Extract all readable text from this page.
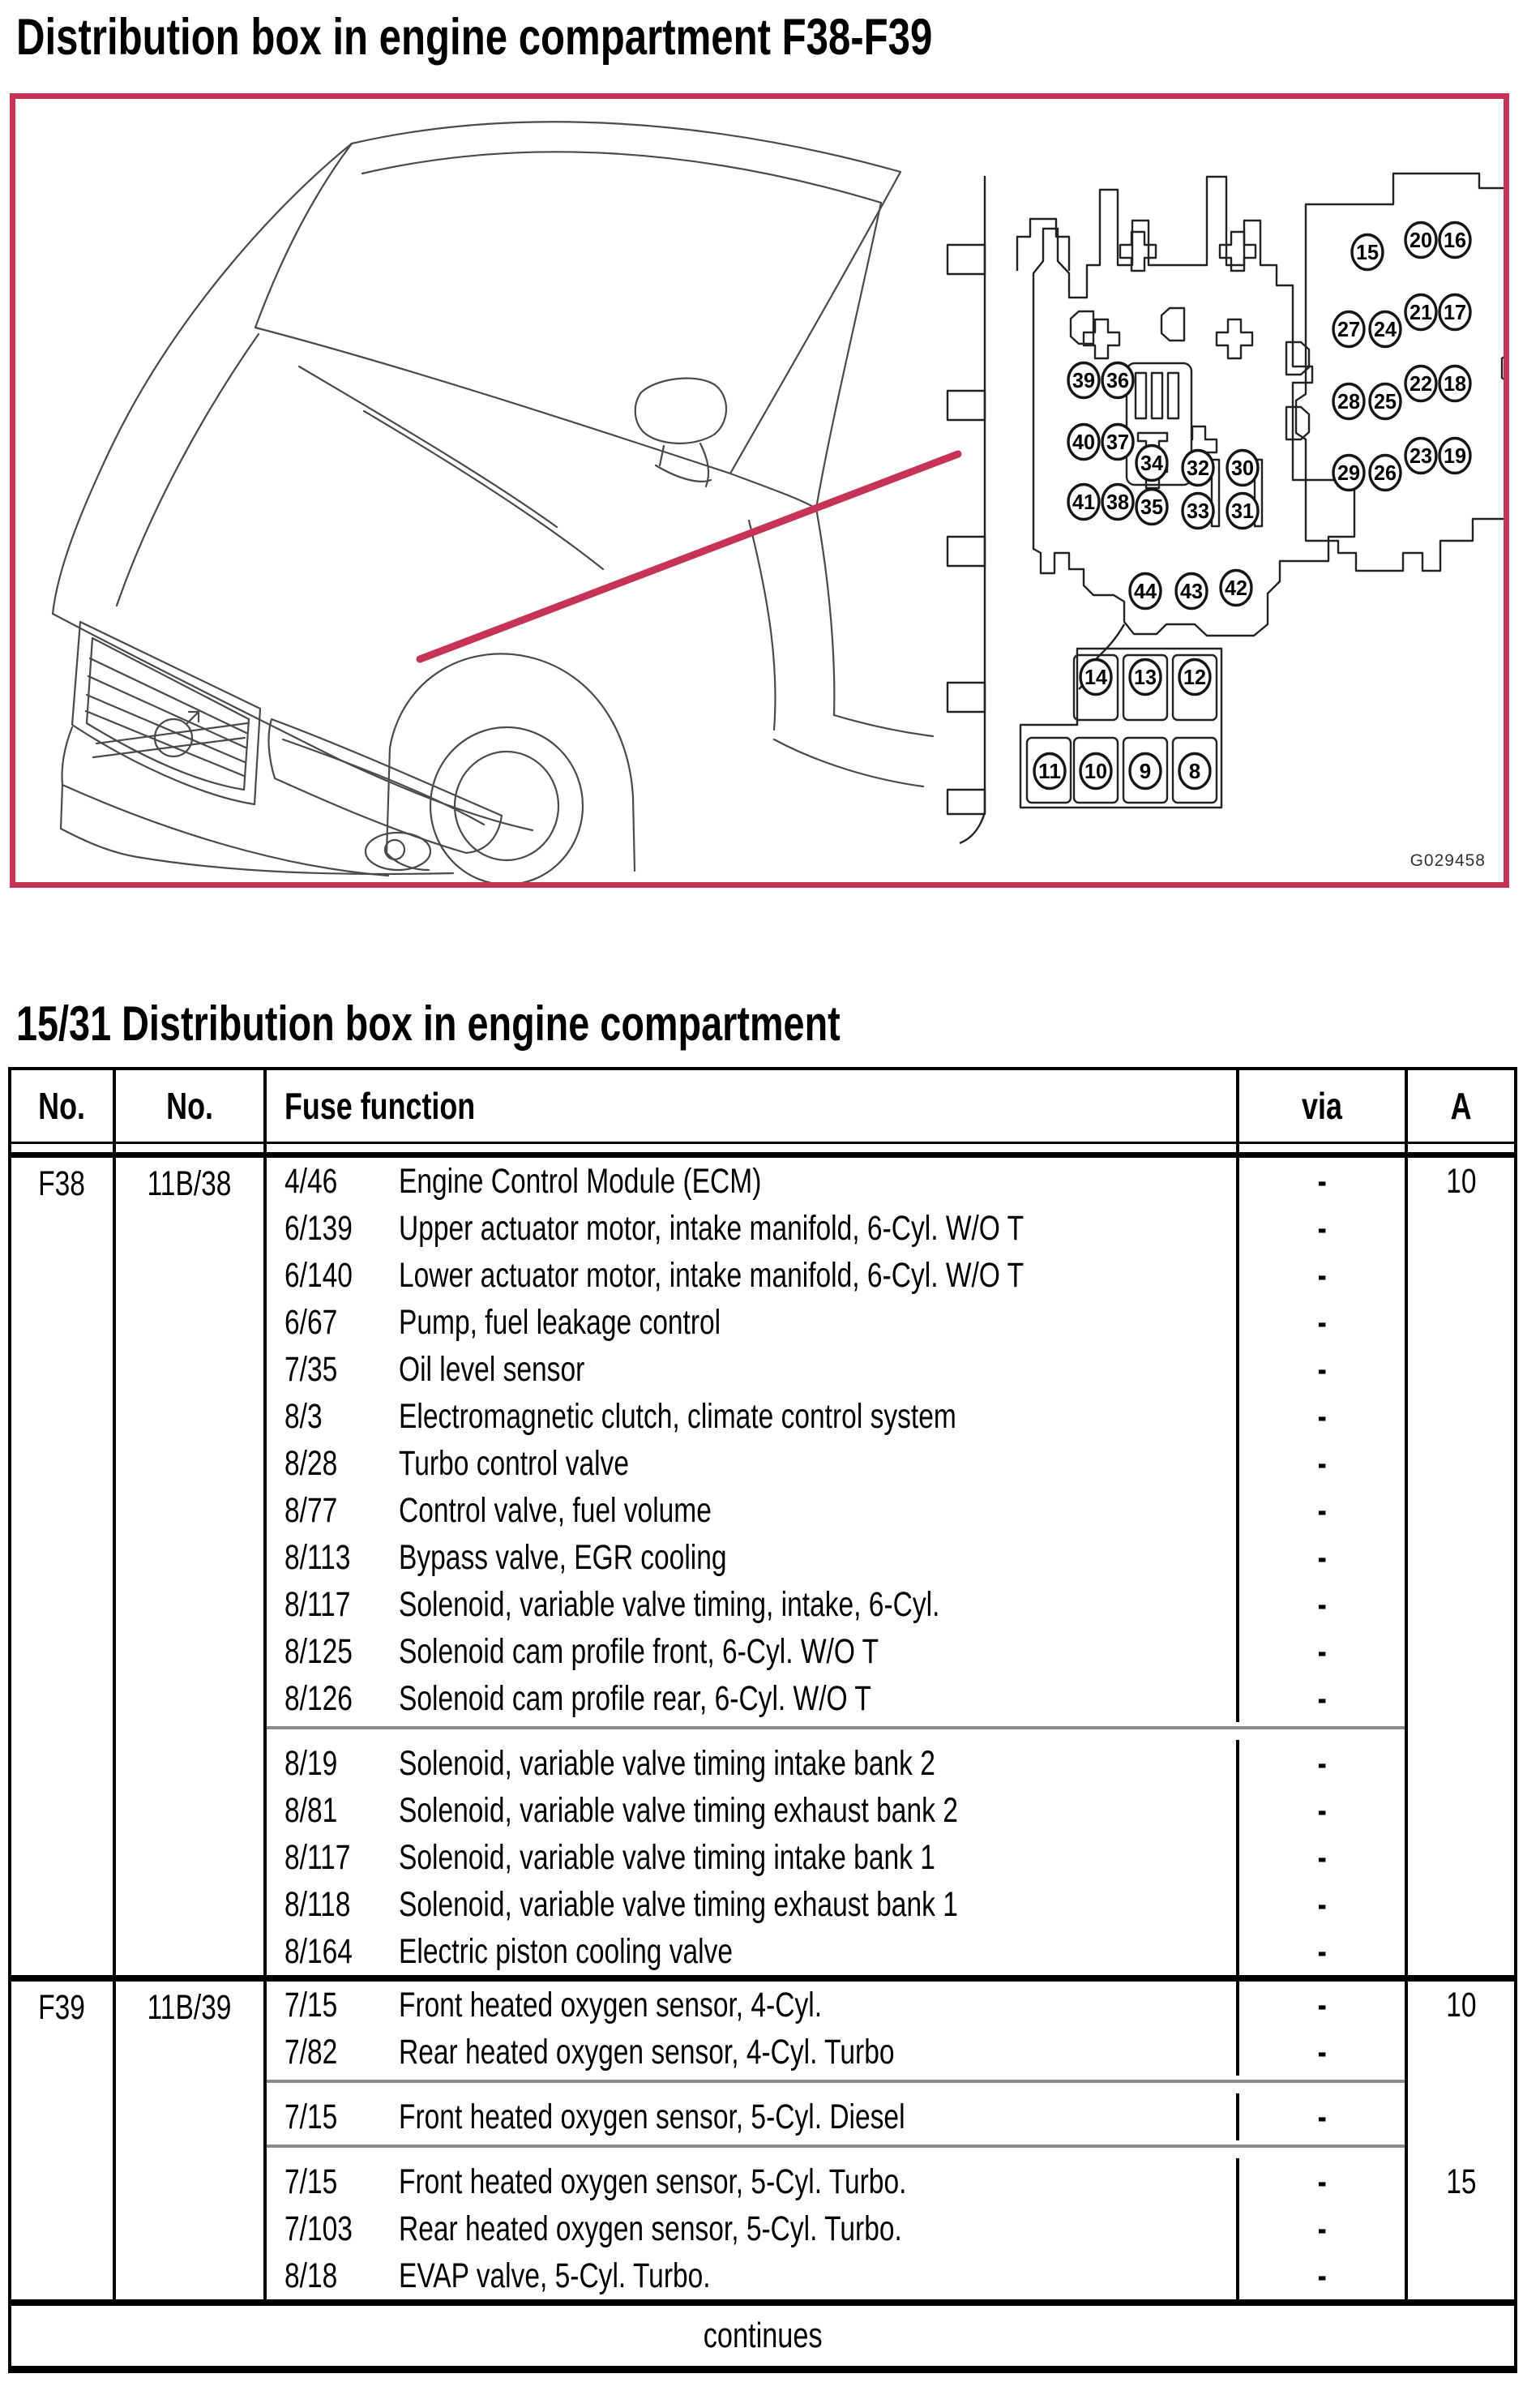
Distribution box in engine compartment F38-F39
39 36
40 37
34 32 30
41 38 35 33 31
44 43 42
15 20 16
27 24
21 17
28 25
22 18
29 26
23 19
14 13 12
11 10 9 8
G029458
15/31 Distribution box in engine compartment
No. No. Fuse function	via	A
F38 11B/38	4/46	Engine Control Module (ECM)	-	10
6/139	Upper actuator motor, intake manifold, 6-Cyl. W/O T	-
6/140	Lower actuator motor, intake manifold, 6-Cyl. W/O T	-
6/67	Pump, fuel leakage control	-
7/35	Oil level sensor	-
8/3	Electromagnetic clutch, climate control system	-
8/28	Turbo control valve	-
8/77	Control valve, fuel volume	-
8/113	Bypass valve, EGR cooling	-
8/117	Solenoid, variable valve timing, intake, 6-Cyl.	-
8/125	Solenoid cam profile front, 6-Cyl. W/O T	-
8/126	Solenoid cam profile rear, 6-Cyl. W/O T	-
8/19	Solenoid, variable valve timing intake bank 2	-
8/81	Solenoid, variable valve timing exhaust bank 2	-
8/117	Solenoid, variable valve timing intake bank 1	-
8/118	Solenoid, variable valve timing exhaust bank 1	-
8/164	Electric piston cooling valve	-
F39 11B/39	7/15	Front heated oxygen sensor, 4-Cyl.	-	10
7/82	Rear heated oxygen sensor, 4-Cyl. Turbo	-
7/15	Front heated oxygen sensor, 5-Cyl. Diesel	-
7/15	Front heated oxygen sensor, 5-Cyl. Turbo.	-	15
7/103	Rear heated oxygen sensor, 5-Cyl. Turbo.	-
8/18	EVAP valve, 5-Cyl. Turbo.	-
continues
